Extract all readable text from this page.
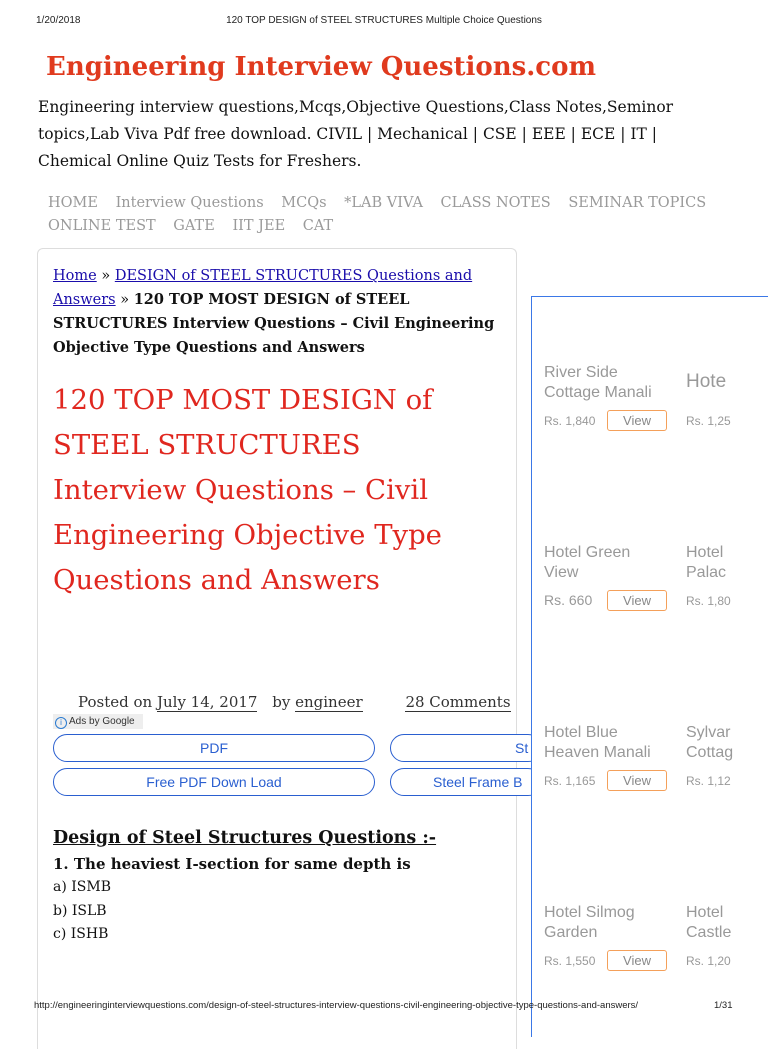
1/20/2018	120 TOP DESIGN of STEEL STRUCTURES Multiple Choice Questions
Engineering Interview Questions.com
Engineering interview questions,Mcqs,Objective Questions,Class Notes,Seminor topics,Lab Viva Pdf free download. CIVIL | Mechanical | CSE | EEE | ECE | IT | Chemical Online Quiz Tests for Freshers.
HOME Interview Questions MCQs *LAB VIVA CLASS NOTES SEMINAR TOPICS ONLINE TEST GATE IIT JEE CAT
Home » DESIGN of STEEL STRUCTURES Questions and Answers » 120 TOP MOST DESIGN of STEEL STRUCTURES Interview Questions – Civil Engineering Objective Type Questions and Answers
120 TOP MOST DESIGN of STEEL STRUCTURES Interview Questions – Civil Engineering Objective Type Questions and Answers
Posted on July 14, 2017 by engineer	28 Comments
i Ads by Google
PDF	St
Free PDF Down Load	Steel Frame B
River Side
Cottage Manali
Rs. 1,840	View
Hote
Rs. 1,25
Hotel Green
View
Rs. 660	View
Hotel
Palac
Rs. 1,80
Hotel Blue
Heaven Manali
Rs. 1,165	View
Sylvar
Cottag
Rs. 1,12
Hotel Silmog
Garden
Rs. 1,550	View
Hotel
Castle
Rs. 1,20
Design of Steel Structures Questions :-
1. The heaviest I-section for same depth is
a) ISMB
b) ISLB
c) ISHB
http://engineeringinterviewquestions.com/design-of-steel-structures-interview-questions-civil-engineering-objective-type-questions-and-answers/	1/31
